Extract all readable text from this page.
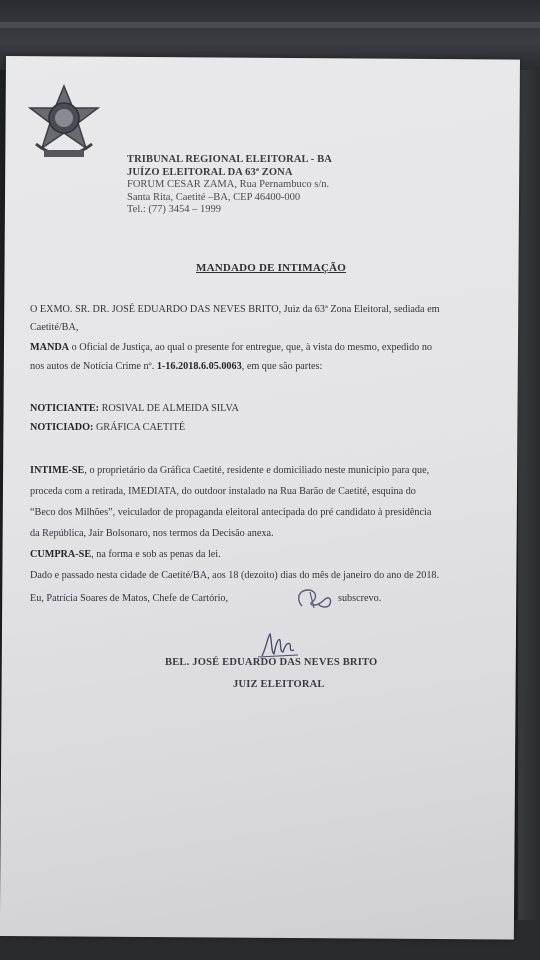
TRIBUNAL REGIONAL ELEITORAL - BA
JUÍZO ELEITORAL DA 63ª ZONA
FORUM CESAR ZAMA, Rua Pernambuco s/n.
Santa Rita, Caetité –BA, CEP 46400-000
Tel.: (77) 3454 – 1999
MANDADO DE INTIMAÇÃO
O EXMO. SR. DR. JOSÉ EDUARDO DAS NEVES BRITO, Juiz da 63ª Zona Eleitoral, sediada em
Caetité/BA,
MANDA o Oficial de Justiça, ao qual o presente for entregue, que, à vista do mesmo, expedido no
nos autos de Notícia Crime nº. 1-16.2018.6.05.0063, em que são partes:
NOTICIANTE: ROSIVAL DE ALMEIDA SILVA
NOTICIADO: GRÁFICA CAETITÉ
INTIME-SE, o proprietário da Gráfica Caetité, residente e domiciliado neste município para que,
proceda com a retirada, IMEDIATA, do outdoor instalado na Rua Barão de Caetité, esquina do
“Beco dos Milhões”, veiculador de propaganda eleitoral antecipada do pré candidato à presidência
da República, Jair Bolsonaro, nos termos da Decisão anexa.
CUMPRA-SE, na forma e sob as penas da lei.
Dado e passado nesta cidade de Caetité/BA, aos 18 (dezoito) dias do mês de janeiro do ano de 2018.
Eu, Patrícia Soares de Matos, Chefe de Cartório,	subscrevo.
BEL. JOSÉ EDUARDO DAS NEVES BRITO
JUIZ ELEITORAL
